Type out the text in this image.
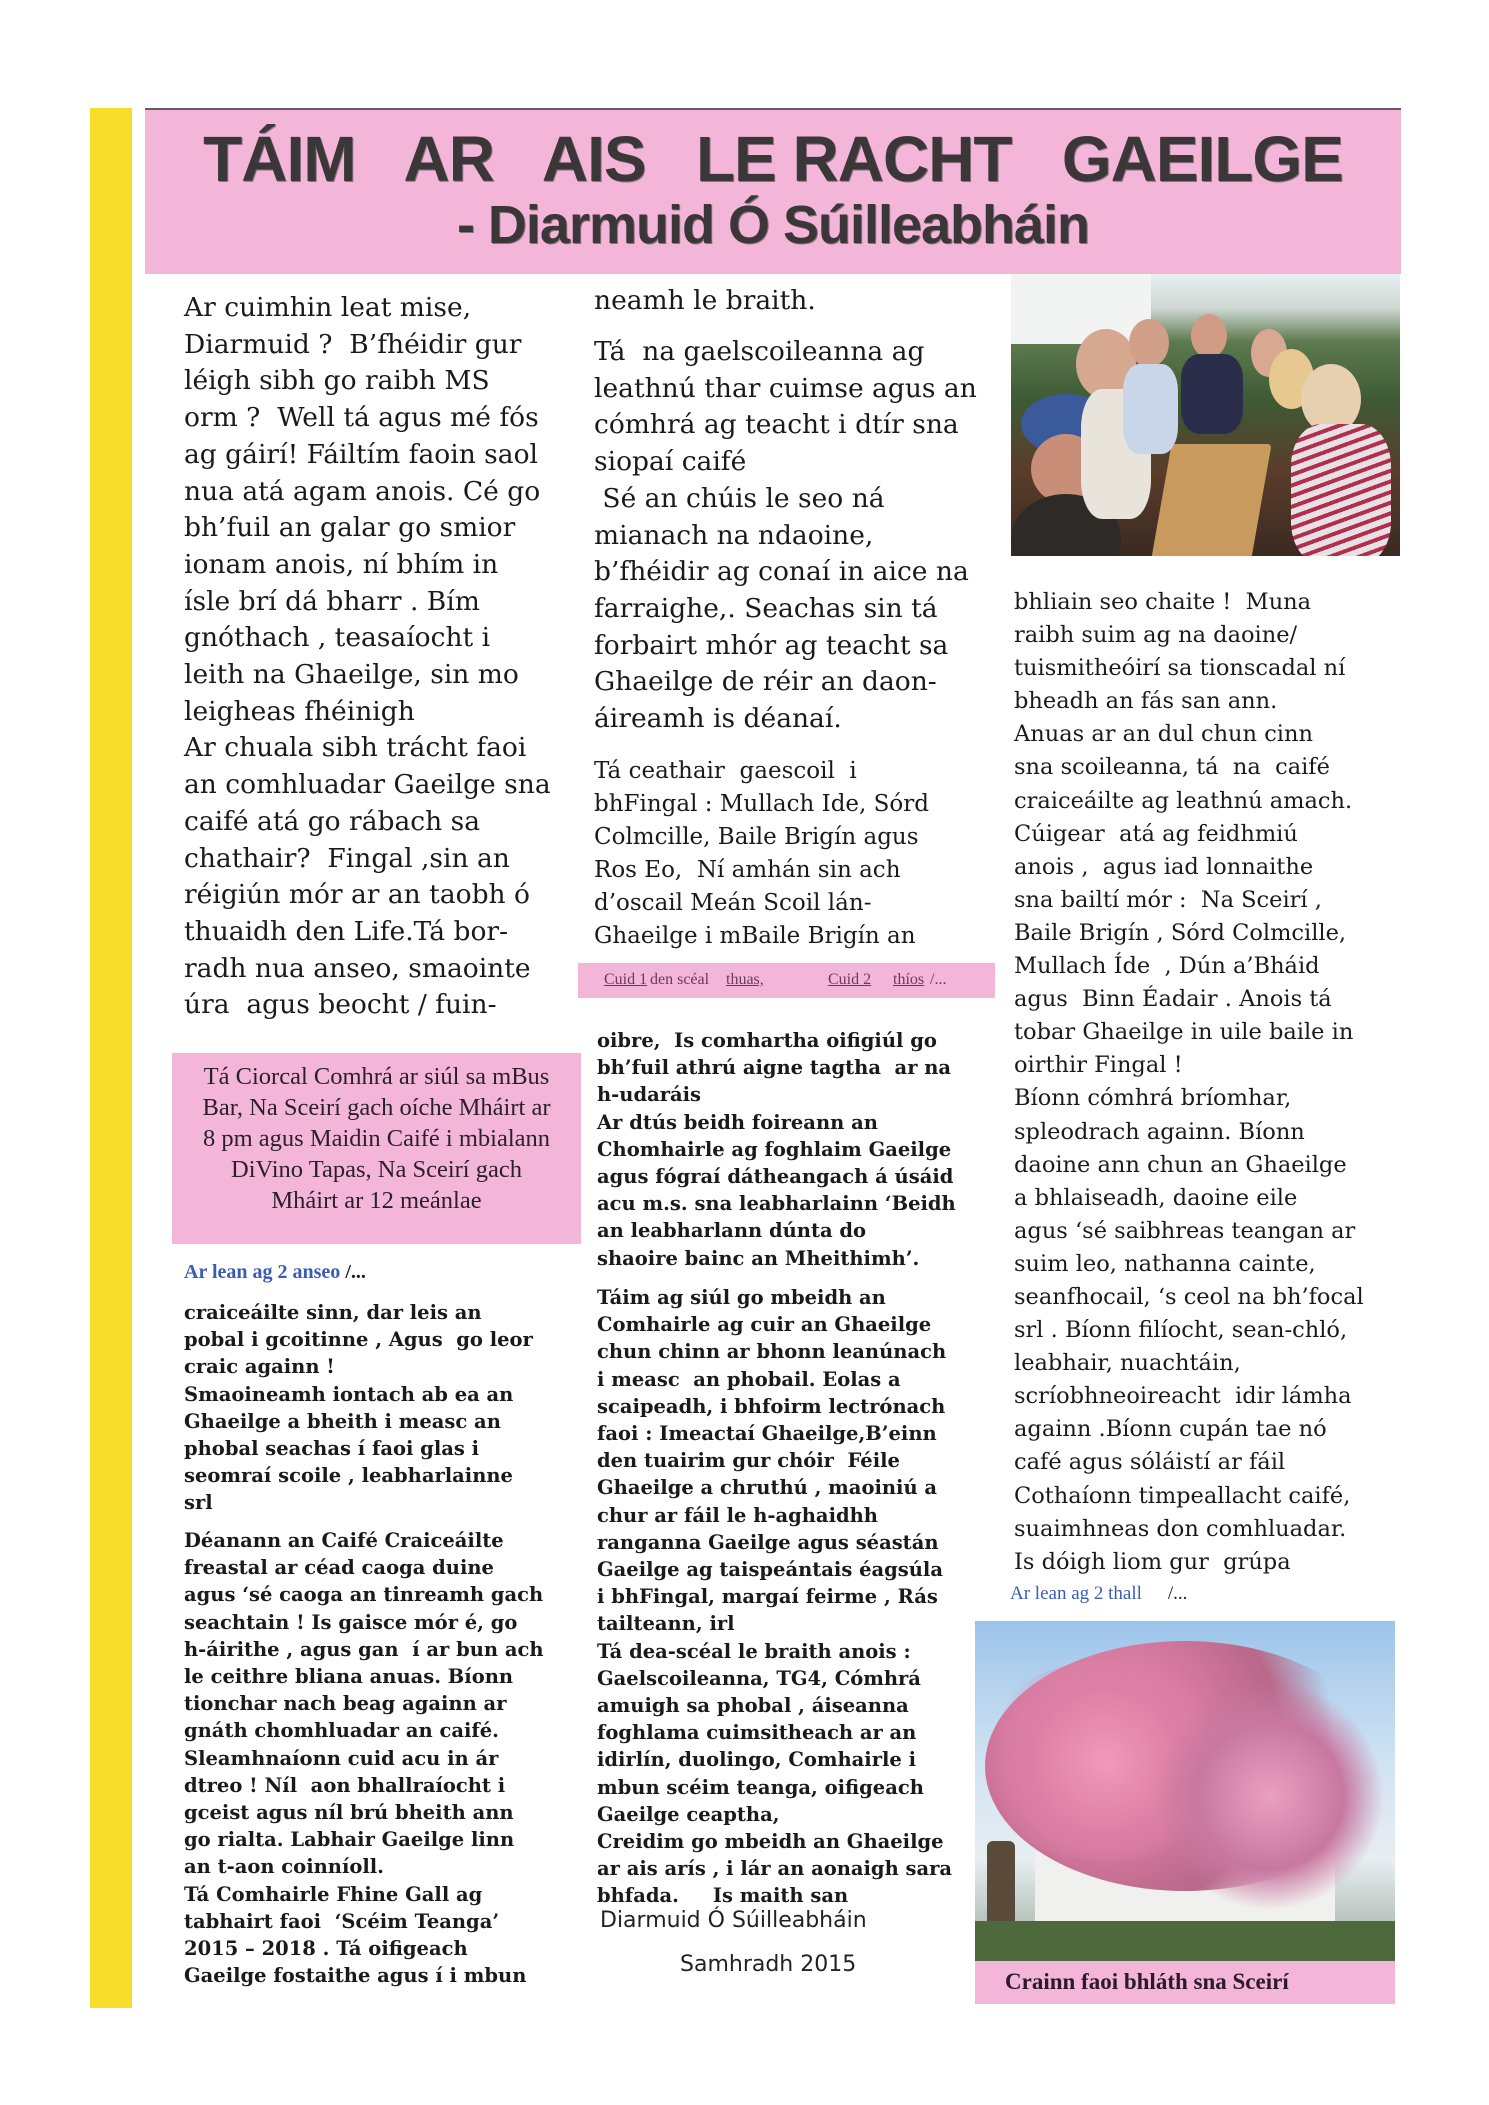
TÁIM   AR   AIS   LE RACHT   GAEILGE
- Diarmuid Ó Súilleabháin
Ar cuimhin leat mise,
Diarmuid ?  B’fhéidir gur
léigh sibh go raibh MS
orm ?  Well tá agus mé fós
ag gáirí! Fáiltím faoin saol
nua atá agam anois. Cé go
bh’fuil an galar go smior
ionam anois, ní bhím in
ísle brí dá bharr . Bím
gnóthach , teasaíocht i
leith na Ghaeilge, sin mo
leigheas fhéinigh
Ar chuala sibh trácht faoi
an comhluadar Gaeilge sna
caifé atá go rábach sa
chathair?  Fingal ,sin an
réigiún mór ar an taobh ó
thuaidh den Life.Tá bor-
radh nua anseo, smaointe
úra  agus beocht / fuin-
Tá Ciorcal Comhrá ar siúl sa mBus
Bar, Na Sceirí gach oíche Mháirt ar
8 pm agus Maidin Caifé i mbialann
DiVino Tapas, Na Sceirí gach
Mháirt ar 12 meánlae
Ar lean ag 2 anseo /...
craiceáilte sinn, dar leis an
pobal i gcoitinne , Agus  go leor
craic againn !
Smaoineamh iontach ab ea an
Ghaeilge a bheith i measc an
phobal seachas í faoi glas i
seomraí scoile , leabharlainne
srl
Déanann an Caifé Craiceáilte
freastal ar céad caoga duine
agus ‘sé caoga an tinreamh gach
seachtain ! Is gaisce mór é, go
h-áirithe , agus gan  í ar bun ach
le ceithre bliana anuas. Bíonn
tionchar nach beag againn ar
gnáth chomhluadar an caifé.
Sleamhnaíonn cuid acu in ár
dtreo ! Níl  aon bhallraíocht i
gceist agus níl brú bheith ann
go rialta. Labhair Gaeilge linn
an t-aon coinníoll.
Tá Comhairle Fhine Gall ag
tabhairt faoi  ‘Scéim Teanga’
2015 – 2018 . Tá oifigeach
Gaeilge fostaithe agus í i mbun
neamh le braith.
Tá  na gaelscoileanna ag
leathnú thar cuimse agus an
cómhrá ag teacht i dtír sna
siopaí caifé
Sé an chúis le seo ná
mianach na ndaoine,
b’fhéidir ag conaí in aice na
farraighe,. Seachas sin tá
forbairt mhór ag teacht sa
Ghaeilge de réir an daon-
áireamh is déanaí.
Tá ceathair  gaescoil  i
bhFingal : Mullach Ide, Sórd
Colmcille, Baile Brigín agus
Ros Eo,  Ní amhán sin ach
d’oscail Meán Scoil lán-
Ghaeilge i mBaile Brigín an
Cuid 1 den scéal thuas,	Cuid 2 thíos /...
oibre,  Is comhartha oifigiúl go
bh’fuil athrú aigne tagtha  ar na
h-udaráis
Ar dtús beidh foireann an
Chomhairle ag foghlaim Gaeilge
agus fógraí dátheangach á úsáid
acu m.s. sna leabharlainn ‘Beidh
an leabharlann dúnta do
shaoire bainc an Mheithimh’.
Táim ag siúl go mbeidh an
Comhairle ag cuir an Ghaeilge
chun chinn ar bhonn leanúnach
i measc  an phobail. Eolas a
scaipeadh, i bhfoirm lectrónach
faoi : Imeactaí Ghaeilge,B’einn
den tuairim gur chóir  Féile
Ghaeilge a chruthú , maoiniú a
chur ar fáil le h-aghaidhh
ranganna Gaeilge agus séastán
Gaeilge ag taispeántais éagsúla
i bhFingal, margaí feirme , Rás
tailteann, irl
Tá dea-scéal le braith anois :
Gaelscoileanna, TG4, Cómhrá
amuigh sa phobal , áiseanna
foghlama cuimsitheach ar an
idirlín, duolingo, Comhairle i
mbun scéim teanga, oifigeach
Gaeilge ceaptha,
Creidim go mbeidh an Ghaeilge
ar ais arís , i lár an aonaigh sara
bhfada.     Is maith san
Diarmuid Ó Súilleabháin
Samhradh 2015
bhliain seo chaite !  Muna
raibh suim ag na daoine/
tuismitheóirí sa tionscadal ní
bheadh an fás san ann.
Anuas ar an dul chun cinn
sna scoileanna, tá  na  caifé
craiceáilte ag leathnú amach.
Cúigear  atá ag feidhmiú
anois ,  agus iad lonnaithe
sna bailtí mór :  Na Sceirí ,
Baile Brigín , Sórd Colmcille,
Mullach Íde  , Dún a’Bháid
agus  Binn Éadair . Anois tá
tobar Ghaeilge in uile baile in
oirthir Fingal !
Bíonn cómhrá bríomhar,
spleodrach againn. Bíonn
daoine ann chun an Ghaeilge
a bhlaiseadh, daoine eile
agus ‘sé saibhreas teangan ar
suim leo, nathanna cainte,
seanfhocail, ‘s ceol na bh’focal
srl . Bíonn filíocht, sean-chló,
leabhair, nuachtáin,
scríobhneoireacht  idir lámha
againn .Bíonn cupán tae nó
café agus sóláistí ar fáil
Cothaíonn timpeallacht caifé,
suaimhneas don comhluadar.
Is dóigh liom gur  grúpa
Ar lean ag 2 thall /...
Crainn faoi bhláth sna Sceirí
